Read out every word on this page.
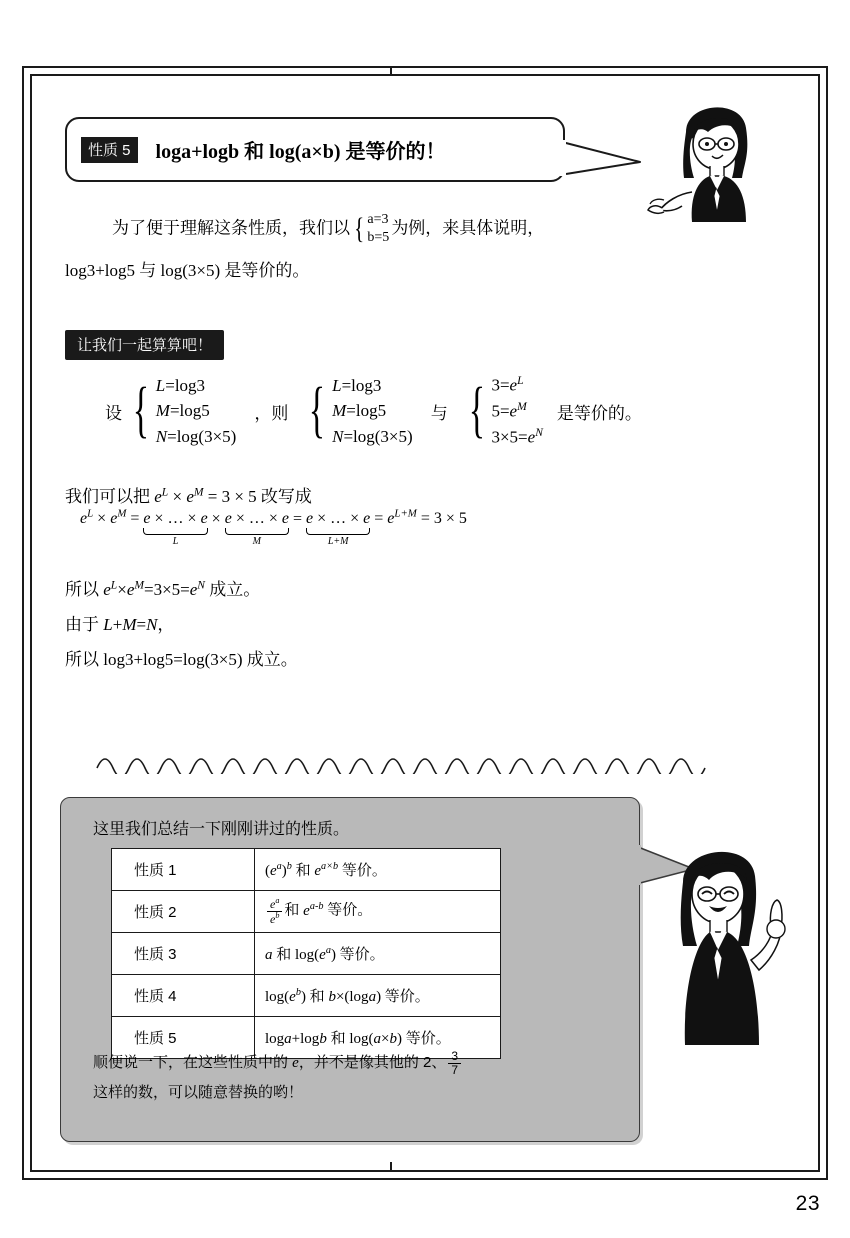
性质 5	loga+logb 和 log(a×b) 是等价的！
为了便于理解这条性质，我们以 { a=3
b=5 为例，来具体说明，
log3+log5 与 log(3×5) 是等价的。
让我们一起算算吧！
设 { L=log3
M=log5
N=log(3×5)
，则 { L=log3
M=log5
N=log(3×5)
与 { $3=e^L$
$5=e^M$
$3\times 5=e^N$
是等价的。
我们可以把 $e^L \times e^M = 3 \times 5$ 改写成
$e^L \times e^M = e$ × … × e
L
× e × … × e
M
= e × … × e
L+M
= $e^{L+M} = 3 \times 5$
所以 $e^L\times e^M=3\times 5=e^N$ 成立。
由于 L+M=N，
所以 log3+log5=log(3×5) 成立。
这里我们总结一下刚刚讲过的性质。
性质 1	$(e^a)^b$ 和 $e^{a\times b}$ 等价。
性质 2	$\frac{e^a}{e^b}$ 和 $e^{a-b}$ 等价。
性质 3	a 和 $\log(e^a)$ 等价。
性质 4	$\log(e^b)$ 和 b×(loga) 等价。
性质 5	loga+logb 和 log(a×b) 等价。
顺便说一下，在这些性质中的 e，并不是像其他的 2、 $\frac{3}{7}$

这样的数，可以随意替换的哟！
23
